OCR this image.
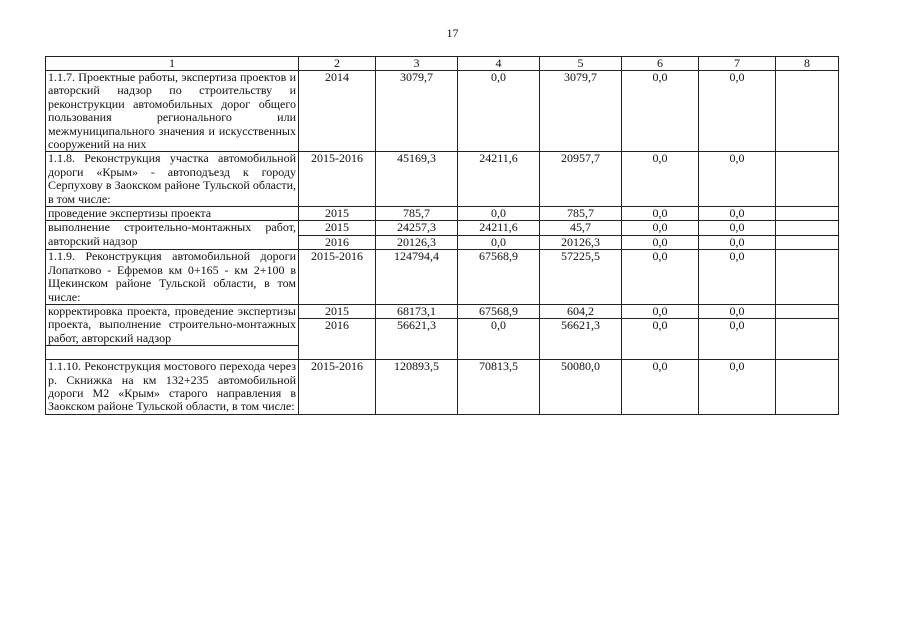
17
1	2	3	4	5	6	7	8
1.1.7. Проектные работы, экспертиза проектов и авторский надзор по строительству и реконструкции автомобильных дорог общего пользования регионального или межмуниципального значения и искусственных сооружений на них	2014	3079,7	0,0	3079,7	0,0	0,0	
1.1.8. Реконструкция участка автомобильной дороги «Крым» - автоподъезд к городу Серпухову в Заокском районе Тульской области, в том числе:	2015-2016	45169,3	24211,6	20957,7	0,0	0,0	
проведение экспертизы проекта	2015	785,7	0,0	785,7	0,0	0,0	
выполнение строительно-монтажных работ, авторский надзор	2015	24257,3	24211,6	45,7	0,0	0,0	
	2016	20126,3	0,0	20126,3	0,0	0,0	
1.1.9. Реконструкция автомобильной дороги Лопатково - Ефремов км 0+165 - км 2+100 в Щекинском районе Тульской области, в том числе:	2015-2016	124794,4	67568,9	57225,5	0,0	0,0	
корректировка проекта, проведение экспертизы проекта, выполнение строительно-монтажных работ, авторский надзор	2015	68173,1	67568,9	604,2	0,0	0,0	
	2016	56621,3	0,0	56621,3	0,0	0,0	

1.1.10. Реконструкция мостового перехода через р. Скнижка на км 132+235 автомобильной дороги М2 «Крым» старого направления в Заокском районе Тульской области, в том числе:	2015-2016	120893,5	70813,5	50080,0	0,0	0,0	
